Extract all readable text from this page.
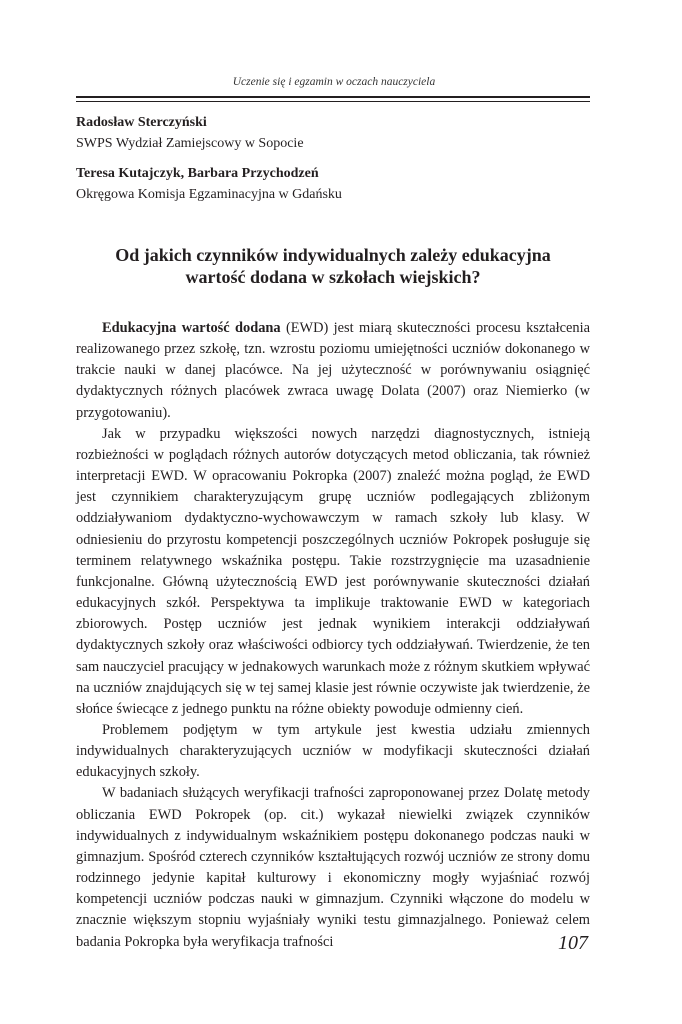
Uczenie się i egzamin w oczach nauczyciela
Radosław Sterczyński
SWPS Wydział Zamiejscowy w Sopocie
Teresa Kutajczyk, Barbara Przychodzeń
Okręgowa Komisja Egzaminacyjna w Gdańsku
Od jakich czynników indywidualnych zależy edukacyjna
wartość dodana w szkołach wiejskich?

Edukacyjna wartość dodana (EWD) jest miarą skuteczności procesu kształcenia realizowanego przez szkołę, tzn. wzrostu poziomu umiejętności uczniów dokonanego w trakcie nauki w danej placówce. Na jej użyteczność w porównywaniu osiągnięć dydaktycznych różnych placówek zwraca uwagę Dolata (2007) oraz Niemierko (w przygotowaniu).

Jak w przypadku większości nowych narzędzi diagnostycznych, istnieją rozbieżności w poglądach różnych autorów dotyczących metod obliczania, tak również interpretacji EWD. W opracowaniu Pokropka (2007) znaleźć można pogląd, że EWD jest czynnikiem charakteryzującym grupę uczniów podlegających zbliżonym oddziaływaniom dydaktyczno-wychowawczym w ramach szkoły lub klasy. W odniesieniu do przyrostu kompetencji poszczególnych uczniów Pokropek posługuje się terminem relatywnego wskaźnika postępu. Takie rozstrzygnięcie ma uzasadnienie funkcjonalne. Główną użytecznością EWD jest porównywanie skuteczności działań edukacyjnych szkół. Perspektywa ta implikuje traktowanie EWD w kategoriach zbiorowych. Postęp uczniów jest jednak wynikiem interakcji oddziaływań dydaktycznych szkoły oraz właściwości odbiorcy tych oddziaływań. Twierdzenie, że ten sam nauczyciel pracujący w jednakowych warunkach może z różnym skutkiem wpływać na uczniów znajdujących się w tej samej klasie jest równie oczywiste jak twierdzenie, że słońce świecące z jednego punktu na różne obiekty powoduje odmienny cień.

Problemem podjętym w tym artykule jest kwestia udziału zmiennych indywidualnych charakteryzujących uczniów w modyfikacji skuteczności działań edukacyjnych szkoły.

W badaniach służących weryfikacji trafności zaproponowanej przez Dolatę metody obliczania EWD Pokropek (op. cit.) wykazał niewielki związek czynników indywidualnych z indywidualnym wskaźnikiem postępu dokonanego podczas nauki w gimnazjum. Spośród czterech czynników kształtujących rozwój uczniów ze strony domu rodzinnego jedynie kapitał kulturowy i ekonomiczny mogły wyjaśniać rozwój kompetencji uczniów podczas nauki w gimnazjum. Czynniki włączone do modelu w znacznie większym stopniu wyjaśniały wyniki testu gimnazjalnego. Ponieważ celem badania Pokropka była weryfikacja trafności	107
